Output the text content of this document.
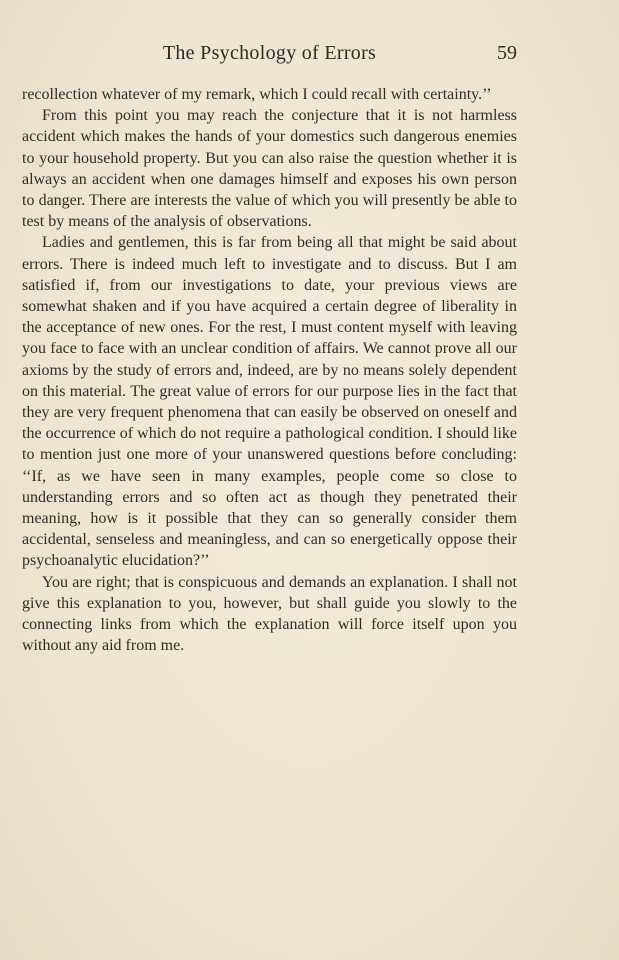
The Psychology of Errors	59

recollection whatever of my remark, which I could recall with certainty.’’

From this point you may reach the conjecture that it is not harmless accident which makes the hands of your domestics such dangerous enemies to your household property. But you can also raise the question whether it is always an accident when one damages himself and exposes his own person to danger. There are interests the value of which you will presently be able to test by means of the analysis of observations.

Ladies and gentlemen, this is far from being all that might be said about errors. There is indeed much left to investigate and to discuss. But I am satisfied if, from our investigations to date, your previous views are somewhat shaken and if you have acquired a certain degree of liberality in the acceptance of new ones. For the rest, I must content myself with leaving you face to face with an unclear condition of affairs. We cannot prove all our axioms by the study of errors and, indeed, are by no means solely dependent on this material. The great value of errors for our purpose lies in the fact that they are very frequent phenomena that can easily be observed on oneself and the occurrence of which do not require a pathological condition. I should like to mention just one more of your unanswered questions before concluding: ‘‘If, as we have seen in many examples, people come so close to understanding errors and so often act as though they penetrated their meaning, how is it possible that they can so generally consider them accidental, senseless and meaningless, and can so energetically oppose their psychoanalytic elucidation?’’

You are right; that is conspicuous and demands an explanation. I shall not give this explanation to you, however, but shall guide you slowly to the connecting links from which the explanation will force itself upon you without any aid from me.
